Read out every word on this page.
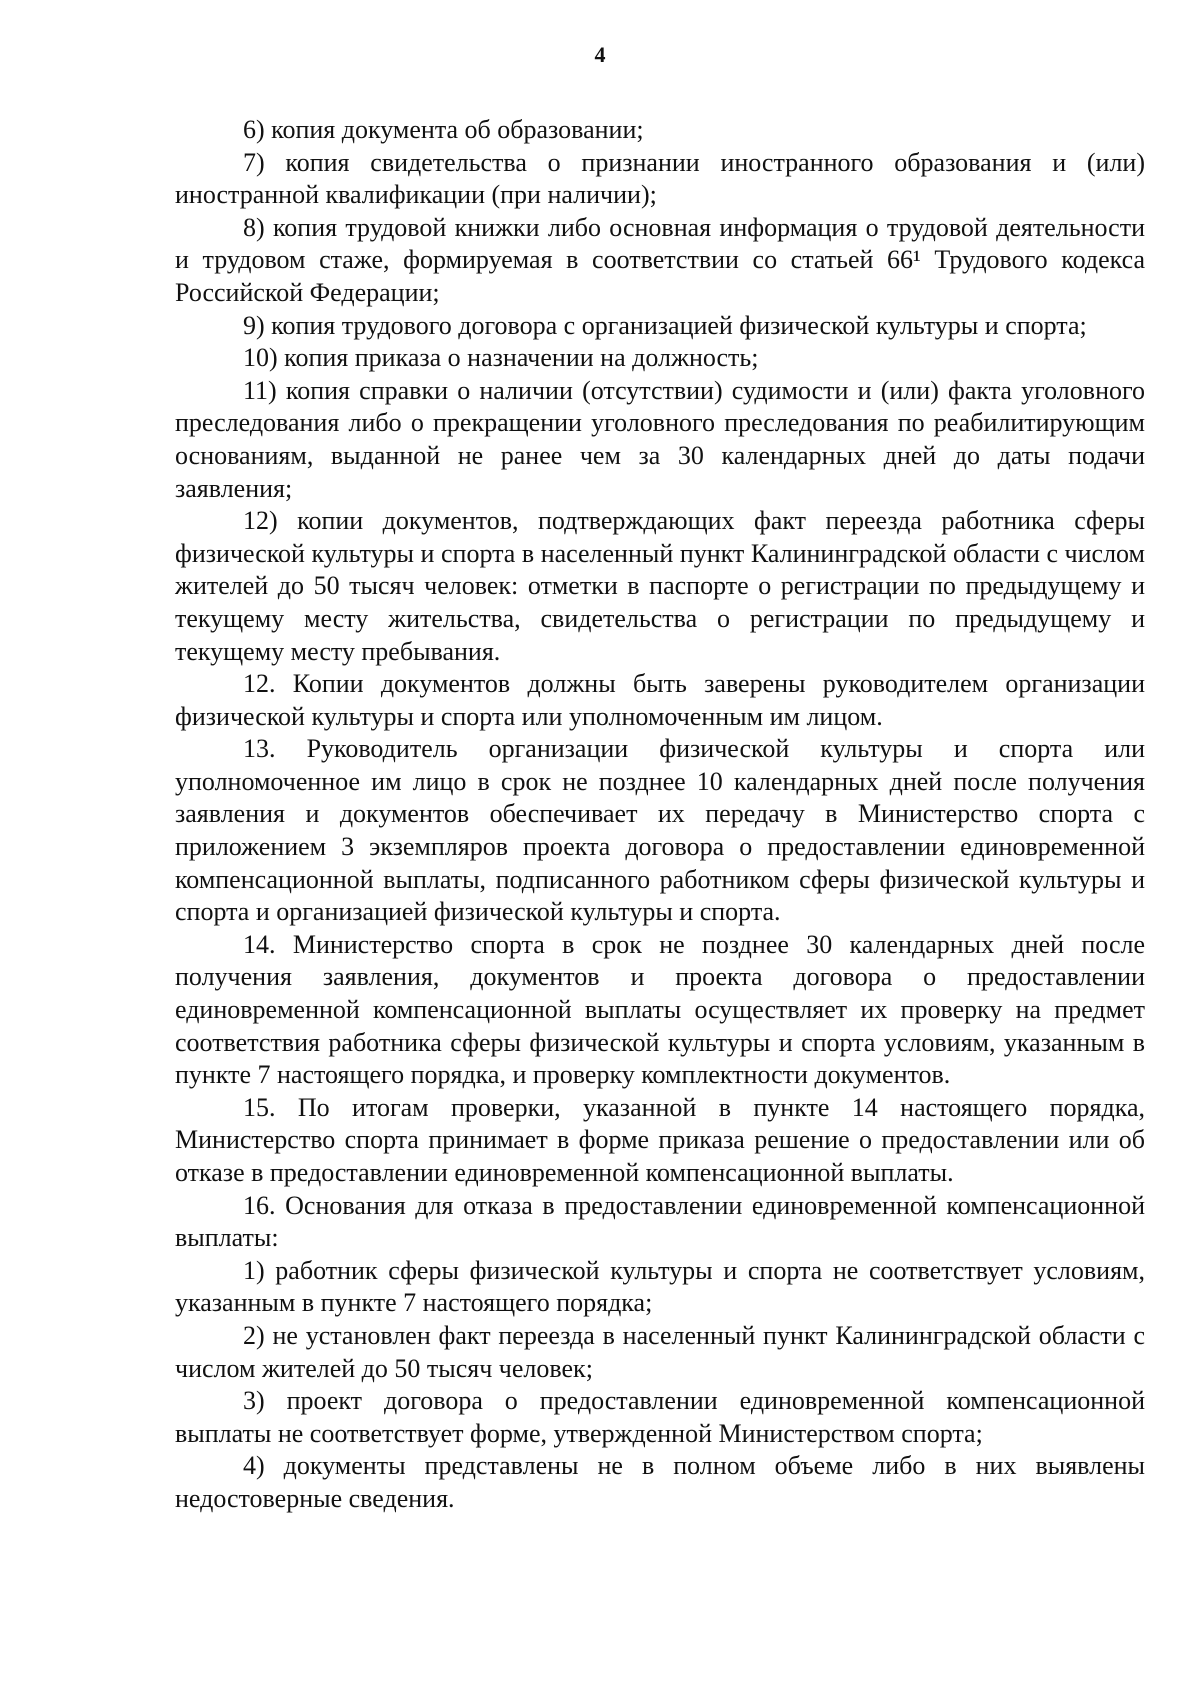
4

6) копия документа об образовании;

7) копия свидетельства о признании иностранного образования и (или) иностранной квалификации (при наличии);

8) копия трудовой книжки либо основная информация о трудовой деятельности и трудовом стаже, формируемая в соответствии со статьей 66¹ Трудового кодекса Российской Федерации;

9) копия трудового договора с организацией физической культуры и спорта;

10) копия приказа о назначении на должность;

11) копия справки о наличии (отсутствии) судимости и (или) факта уголовного преследования либо о прекращении уголовного преследования по реабилитирующим основаниям, выданной не ранее чем за 30 календарных дней до даты подачи заявления;

12) копии документов, подтверждающих факт переезда работника сферы физической культуры и спорта в населенный пункт Калининградской области с числом жителей до 50 тысяч человек: отметки в паспорте о регистрации по предыдущему и текущему месту жительства, свидетельства о регистрации по предыдущему и текущему месту пребывания.

12. Копии документов должны быть заверены руководителем организации физической культуры и спорта или уполномоченным им лицом.

13. Руководитель организации физической культуры и спорта или уполномоченное им лицо в срок не позднее 10 календарных дней после получения заявления и документов обеспечивает их передачу в Министерство спорта с приложением 3 экземпляров проекта договора о предоставлении единовременной компенсационной выплаты, подписанного работником сферы физической культуры и спорта и организацией физической культуры и спорта.

14. Министерство спорта в срок не позднее 30 календарных дней после получения заявления, документов и проекта договора о предоставлении единовременной компенсационной выплаты осуществляет их проверку на предмет соответствия работника сферы физической культуры и спорта условиям, указанным в пункте 7 настоящего порядка, и проверку комплектности документов.

15. По итогам проверки, указанной в пункте 14 настоящего порядка, Министерство спорта принимает в форме приказа решение о предоставлении или об отказе в предоставлении единовременной компенсационной выплаты.

16. Основания для отказа в предоставлении единовременной компенсационной выплаты:

1) работник сферы физической культуры и спорта не соответствует условиям, указанным в пункте 7 настоящего порядка;

2) не установлен факт переезда в населенный пункт Калининградской области с числом жителей до 50 тысяч человек;

3) проект договора о предоставлении единовременной компенсационной выплаты не соответствует форме, утвержденной Министерством спорта;

4) документы представлены не в полном объеме либо в них выявлены недостоверные сведения.
